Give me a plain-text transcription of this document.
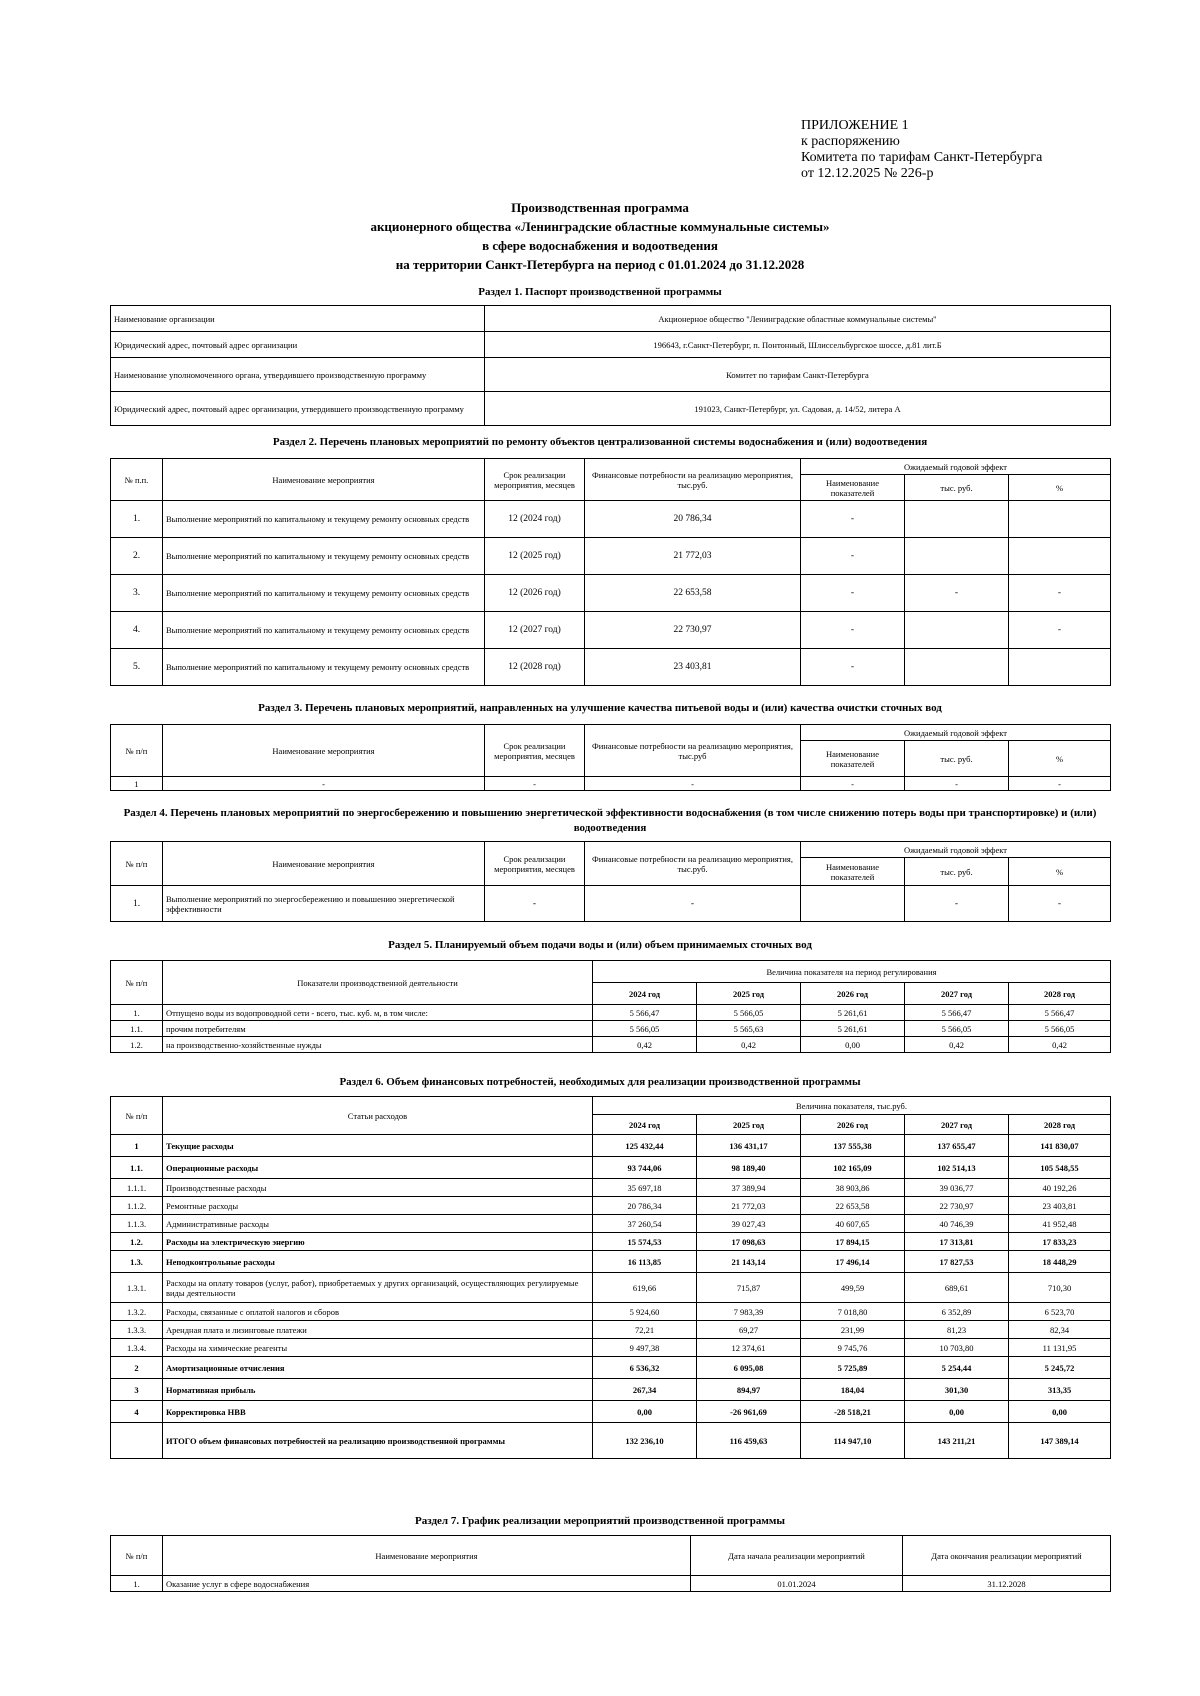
ПРИЛОЖЕНИЕ 1
к распоряжению
Комитета по тарифам Санкт-Петербурга
от 12.12.2025 № 226-р
Производственная программа
акционерного общества «Ленинградские областные коммунальные системы»
в сфере водоснабжения и водоотведения
на территории Санкт-Петербурга на период с 01.01.2024 до 31.12.2028
Раздел 1. Паспорт производственной программы
Наименование организации	Акционерное общество "Ленинградские областные коммунальные системы"
Юридический адрес, почтовый адрес организации	196643, г.Санкт-Петербург, п. Понтонный, Шлиссельбургское шоссе, д.81 лит.Б
Наименование уполномоченного органа, утвердившего производственную программу	Комитет по тарифам Санкт-Петербурга
Юридический адрес, почтовый адрес организации, утвердившего производственную программу	191023, Санкт-Петербург, ул. Садовая, д. 14/52, литера А
Раздел 2. Перечень плановых мероприятий по ремонту объектов централизованной системы водоснабжения и (или) водоотведения
№ п.п.	Наименование мероприятия	Срок реализации мероприятия, месяцев	Финансовые потребности на реализацию мероприятия, тыс.руб.	Ожидаемый годовой эффект		
				Наименование показателей	тыс. руб.	%
1.	Выполнение мероприятий по капитальному и текущему ремонту основных средств	12 (2024 год)	20 786,34	-		
2.	Выполнение мероприятий по капитальному и текущему ремонту основных средств	12 (2025 год)	21 772,03	-		
3.	Выполнение мероприятий по капитальному и текущему ремонту основных средств	12 (2026 год)	22 653,58	-	-	-
4.	Выполнение мероприятий по капитальному и текущему ремонту основных средств	12 (2027 год)	22 730,97	-		-
5.	Выполнение мероприятий по капитальному и текущему ремонту основных средств	12 (2028 год)	23 403,81	-		
Раздел 3. Перечень плановых мероприятий, направленных на улучшение качества питьевой воды и (или) качества очистки сточных вод
№ п/п	Наименование мероприятия	Срок реализации мероприятия, месяцев	Финансовые потребности на реализацию мероприятия, тыс.руб	Ожидаемый годовой эффект		
				Наименование показателей	тыс. руб.	%
1	-	-	-	-	-	-
Раздел 4. Перечень плановых мероприятий по энергосбережению и повышению энергетической эффективности водоснабжения (в том числе снижению потерь воды при транспортировке) и (или) водоотведения
№ п/п	Наименование мероприятия	Срок реализации мероприятия, месяцев	Финансовые потребности на реализацию мероприятия, тыс.руб.	Ожидаемый годовой эффект		
				Наименование показателей	тыс. руб.	%
1.	Выполнение мероприятий по энергосбережению и повышению энергетической эффективности	-	-		-	-
Раздел 5. Планируемый объем подачи воды и (или) объем принимаемых сточных вод
№ п/п	Показатели производственной деятельности	Величина показателя на период регулирования				
		2024 год	2025 год	2026 год	2027 год	2028 год
1.	Отпущено воды из водопроводной сети - всего, тыс. куб. м, в том числе:	5 566,47	5 566,05	5 261,61	5 566,47	5 566,47
1.1.	прочим потребителям	5 566,05	5 565,63	5 261,61	5 566,05	5 566,05
1.2.	на производственно-хозяйственные нужды	0,42	0,42	0,00	0,42	0,42
Раздел 6. Объем финансовых потребностей, необходимых для реализации производственной программы
№ п/п	Статьи расходов	Величина показателя, тыс.руб.				
		2024 год	2025 год	2026 год	2027 год	2028 год
1	Текущие расходы	125 432,44	136 431,17	137 555,38	137 655,47	141 830,07
1.1.	Операционные расходы	93 744,06	98 189,40	102 165,09	102 514,13	105 548,55
1.1.1.	Производственные расходы	35 697,18	37 389,94	38 903,86	39 036,77	40 192,26
1.1.2.	Ремонтные расходы	20 786,34	21 772,03	22 653,58	22 730,97	23 403,81
1.1.3.	Административные расходы	37 260,54	39 027,43	40 607,65	40 746,39	41 952,48
1.2.	Расходы на электрическую энергию	15 574,53	17 098,63	17 894,15	17 313,81	17 833,23
1.3.	Неподконтрольные расходы	16 113,85	21 143,14	17 496,14	17 827,53	18 448,29
1.3.1.	Расходы на оплату товаров (услуг, работ), приобретаемых у других организаций, осуществляющих регулируемые виды деятельности	619,66	715,87	499,59	689,61	710,30
1.3.2.	Расходы, связанные с оплатой налогов и сборов	5 924,60	7 983,39	7 018,80	6 352,89	6 523,70
1.3.3.	Арендная плата и лизинговые платежи	72,21	69,27	231,99	81,23	82,34
1.3.4.	Расходы на химические реагенты	9 497,38	12 374,61	9 745,76	10 703,80	11 131,95
2	Амортизационные отчисления	6 536,32	6 095,08	5 725,89	5 254,44	5 245,72
3	Нормативная прибыль	267,34	894,97	184,04	301,30	313,35
4	Корректировка НВВ	0,00	-26 961,69	-28 518,21	0,00	0,00
	ИТОГО объем финансовых потребностей на реализацию производственной программы	132 236,10	116 459,63	114 947,10	143 211,21	147 389,14
Раздел 7. График реализации мероприятий производственной программы
№ п/п	Наименование мероприятия	Дата начала реализации мероприятий	Дата окончания реализации мероприятий
1.	Оказание услуг в сфере водоснабжения	01.01.2024	31.12.2028
